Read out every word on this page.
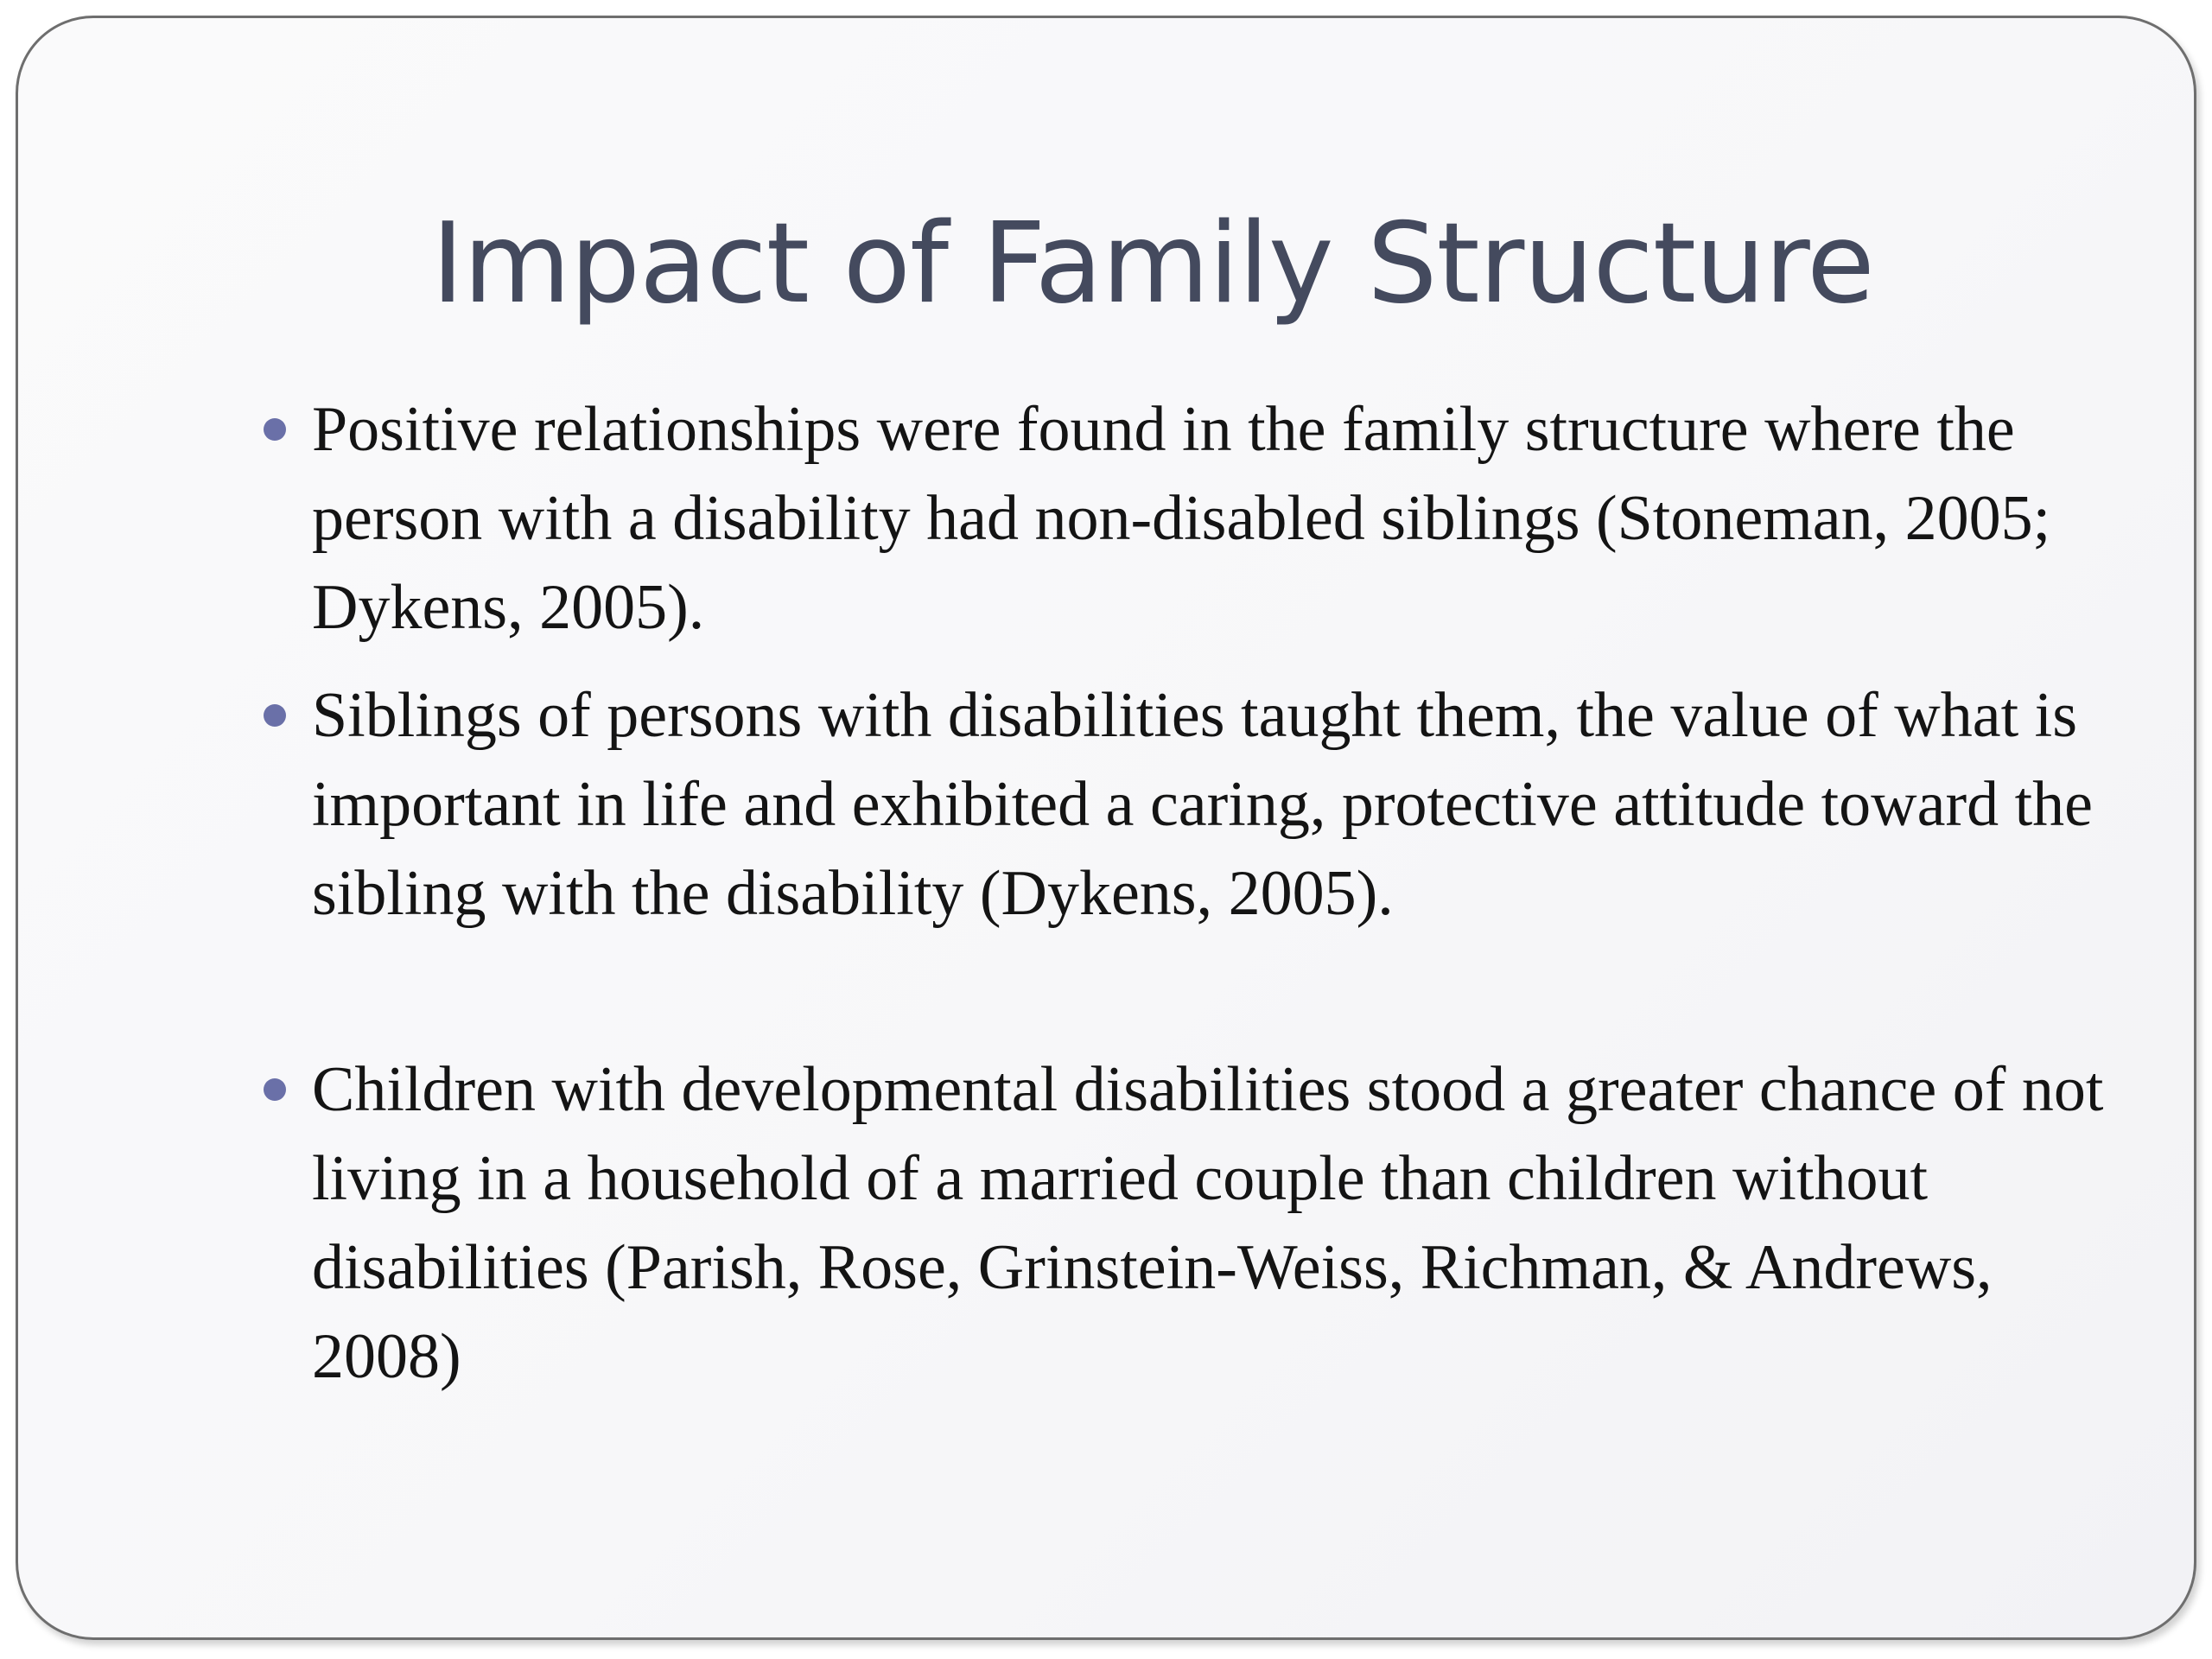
Impact of Family Structure
Positive relationships were found in the family structure where the person with a disability had non-disabled siblings (Stoneman, 2005; Dykens, 2005).
Siblings of persons with disabilities taught them, the value of what is important in life and exhibited a caring, protective attitude toward the sibling with the disability (Dykens, 2005).
Children with developmental disabilities stood a greater chance of not living in a household of a married couple than children without disabilities (Parish, Rose, Grinstein-Weiss, Richman, & Andrews, 2008)
